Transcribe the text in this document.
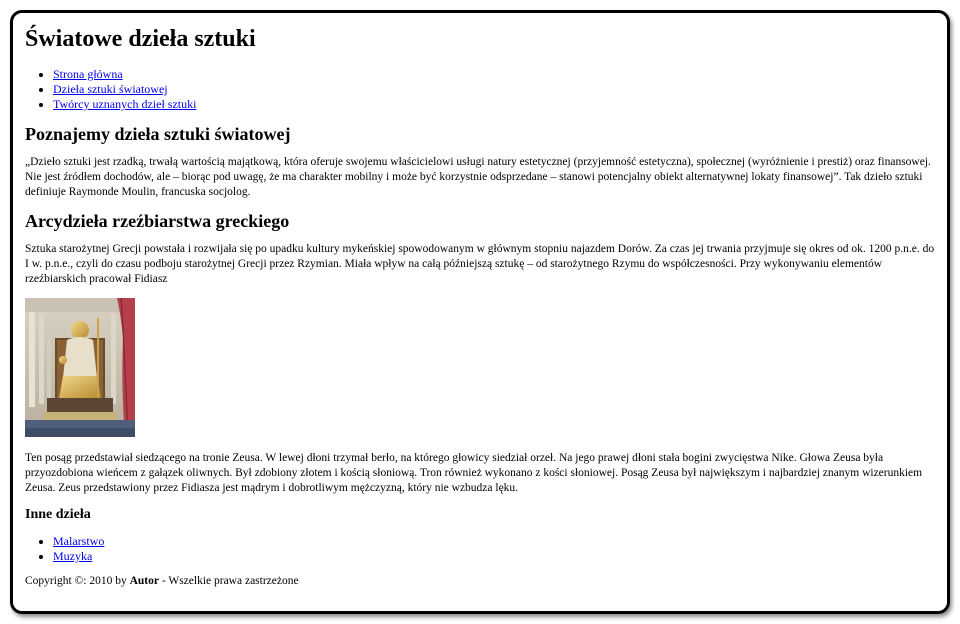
Światowe dzieła sztuki
• Strona główna
• Dzieła sztuki światowej
• Twórcy uznanych dzieł sztuki
Poznajemy dzieła sztuki światowej

„Dzieło sztuki jest rzadką, trwałą wartością majątkową, która oferuje swojemu właścicielowi usługi natury estetycznej (przyjemność estetyczna), społecznej (wyróżnienie i prestiż) oraz finansowej. Nie jest źródłem dochodów, ale – biorąc pod uwagę, że ma charakter mobilny i może być korzystnie odsprzedane – stanowi potencjalny obiekt alternatywnej lokaty finansowej”. Tak dzieło sztuki definiuje Raymonde Moulin, francuska socjolog.

Arcydzieła rzeźbiarstwa greckiego

Sztuka starożytnej Grecji powstała i rozwijała się po upadku kultury mykeńskiej spowodowanym w głównym stopniu najazdem Dorów. Za czas jej trwania przyjmuje się okres od ok. 1200 p.n.e. do I w. p.n.e., czyli do czasu podboju starożytnej Grecji przez Rzymian. Miała wpływ na całą późniejszą sztukę – od starożytnego Rzymu do współczesności. Przy wykonywaniu elementów rzeźbiarskich pracował Fidiasz

Ten posąg przedstawiał siedzącego na tronie Zeusa. W lewej dłoni trzymał berło, na którego głowicy siedział orzeł. Na jego prawej dłoni stała bogini zwycięstwa Nike. Głowa Zeusa była przyozdobiona wieńcem z gałązek oliwnych. Był zdobiony złotem i kością słoniową. Tron również wykonano z kości słoniowej. Posąg Zeusa był największym i najbardziej znanym wizerunkiem Zeusa. Zeus przedstawiony przez Fidiasza jest mądrym i dobrotliwym mężczyzną, który nie wzbudza lęku.

Inne dzieła
• Malarstwo
• Muzyka
Copyright ©: 2010 by Autor - Wszelkie prawa zastrzeżone
